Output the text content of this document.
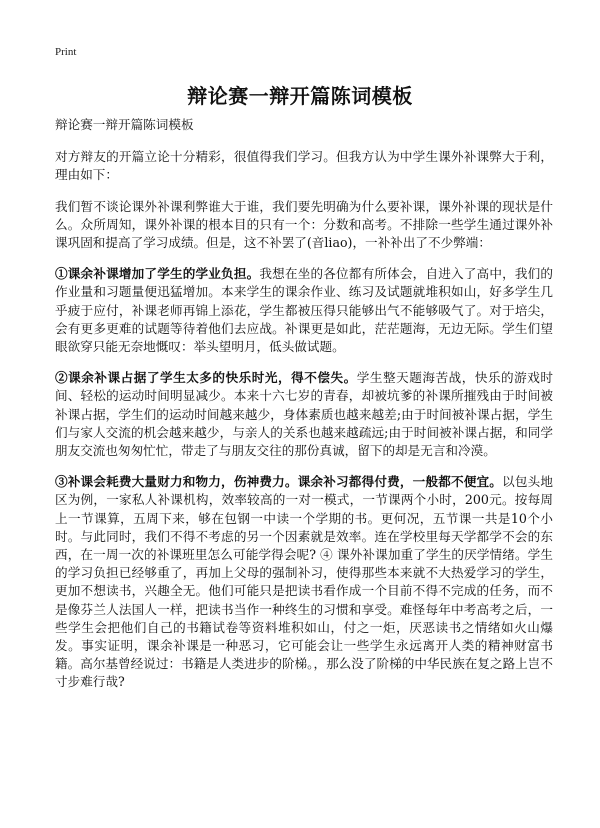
Print
辩论赛一辩开篇陈词模板

辩论赛一辩开篇陈词模板

对方辩友的开篇立论十分精彩，很值得我们学习。但我方认为中学生课外补课弊大于利，理由如下：

我们暂不谈论课外补课利弊谁大于谁，我们要先明确为什么要补课，课外补课的现状是什么。众所周知，课外补课的根本目的只有一个：分数和高考。不排除一些学生通过课外补课巩固和提高了学习成绩。但是，这不补罢了(音liao)，一补补出了不少弊端：

①课余补课增加了学生的学业负担。我想在坐的各位都有所体会，自进入了高中，我们的作业量和习题量便迅猛增加。本来学生的课余作业、练习及试题就堆积如山，好多学生几乎疲于应付，补课老师再锦上添花，学生都被压得只能够出气不能够吸气了。对于培尖，会有更多更难的试题等待着他们去应战。补课更是如此，茫茫题海，无边无际。学生们望眼欲穿只能无奈地慨叹：举头望明月，低头做试题。

②课余补课占据了学生太多的快乐时光，得不偿失。学生整天题海苦战，快乐的游戏时间、轻松的运动时间明显减少。本来十六七岁的青春，却被坑爹的补课所摧残由于时间被补课占据，学生们的运动时间越来越少，身体素质也越来越差;由于时间被补课占据，学生们与家人交流的机会越来越少，与亲人的关系也越来越疏远;由于时间被补课占据，和同学朋友交流也匆匆忙忙，带走了与朋友交往的那份真诚，留下的却是无言和冷漠。

③补课会耗费大量财力和物力，伤神费力。课余补习都得付费，一般都不便宜。以包头地区为例，一家私人补课机构，效率较高的一对一模式，一节课两个小时，200元。按每周上一节课算，五周下来，够在包钢一中读一个学期的书。更何况，五节课一共是10个小时。与此同时，我们不得不考虑的另一个因素就是效率。连在学校里每天学都学不会的东西，在一周一次的补课班里怎么可能学得会呢? ④ 课外补课加重了学生的厌学情绪。学生的学习负担已经够重了，再加上父母的强制补习，使得那些本来就不大热爱学习的学生，更加不想读书，兴趣全无。他们可能只是把读书看作成一个目前不得不完成的任务，而不是像芬兰人法国人一样，把读书当作一种终生的习惯和享受。难怪每年中考高考之后，一些学生会把他们自己的书籍试卷等资料堆积如山，付之一炬，厌恶读书之情绪如火山爆发。事实证明，课余补课是一种恶习，它可能会让一些学生永远离开人类的精神财富书籍。高尔基曾经说过：书籍是人类进步的阶梯。，那么没了阶梯的中华民族在复之路上岂不寸步难行哉?
